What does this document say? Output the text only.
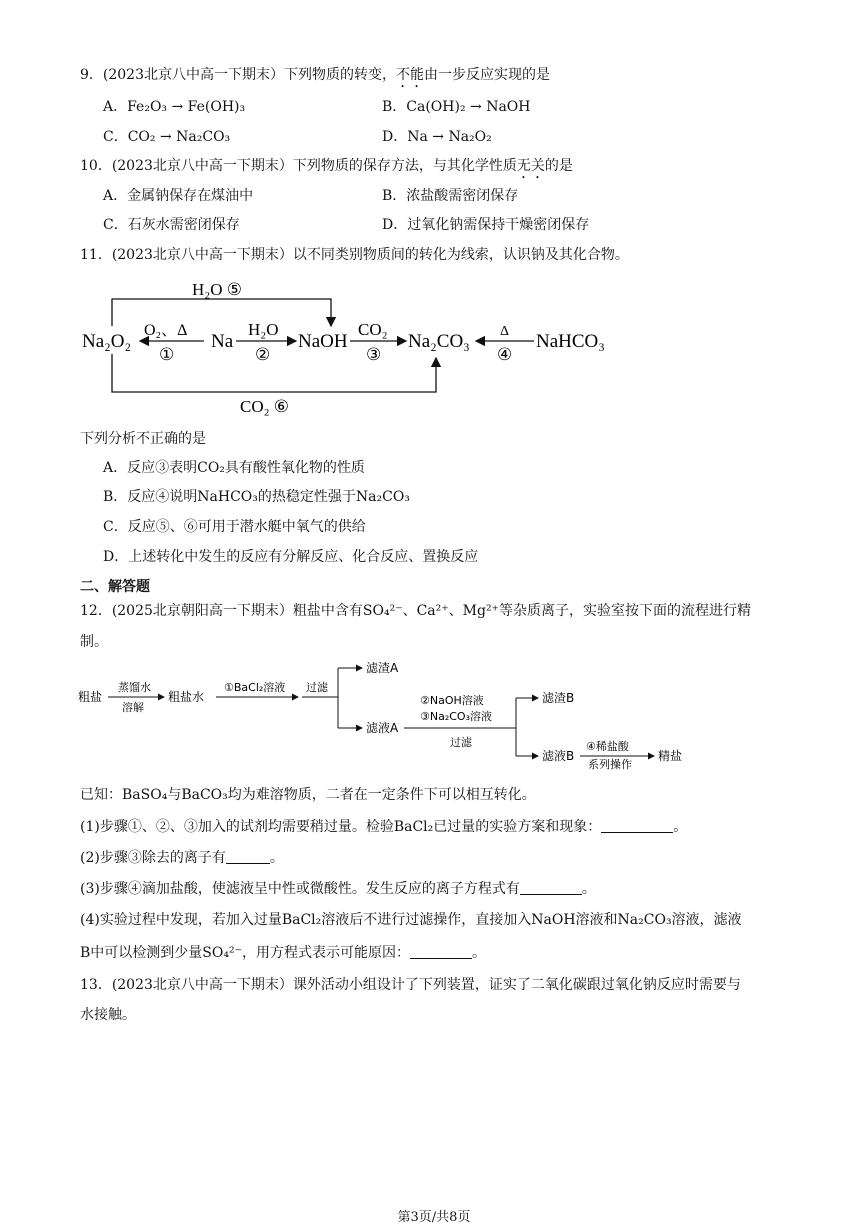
9．(2023北京八中高一下期末）下列物质的转变，不能由一步反应实现的是
A．Fe₂O₃ → Fe(OH)₃	B．Ca(OH)₂ → NaOH
C．CO₂ → Na₂CO₃	D．Na → Na₂O₂
10．(2023北京八中高一下期末）下列物质的保存方法，与其化学性质无关的是
A．金属钠保存在煤油中	B．浓盐酸需密闭保存
C．石灰水需密闭保存	D．过氧化钠需保持干燥密闭保存
11．(2023北京八中高一下期末）以不同类别物质间的转化为线索，认识钠及其化合物。
H₂O ⑤
CO₂ ⑥
Na₂O₂	Na	NaOH	Na₂CO₃	NaHCO₃
O₂、Δ
①
H₂O
②
CO₂
③
Δ
④
下列分析不正确的是
A．反应③表明CO₂具有酸性氧化物的性质
B．反应④说明NaHCO₃的热稳定性强于Na₂CO₃
C．反应⑤、⑥可用于潜水艇中氧气的供给
D．上述转化中发生的反应有分解反应、化合反应、置换反应
二、解答题
12．(2025北京朝阳高一下期末）粗盐中含有SO₄²⁻、Ca²⁺、Mg²⁺等杂质离子，实验室按下面的流程进行精
制。
粗盐
蒸馏水
溶解
粗盐水
①BaCl₂溶液 过滤
滤渣A
滤液A
②NaOH溶液
③Na₂CO₃溶液
过滤
滤渣B
滤液B
④稀盐酸
系列操作
精盐
已知：BaSO₄与BaCO₃均为难溶物质，二者在一定条件下可以相互转化。
(1)步骤①、②、③加入的试剂均需要稍过量。检验BaCl₂已过量的实验方案和现象：	。
(2)步骤③除去的离子有	。
(3)步骤④滴加盐酸，使滤液呈中性或微酸性。发生反应的离子方程式有	。
(4)实验过程中发现，若加入过量BaCl₂溶液后不进行过滤操作，直接加入NaOH溶液和Na₂CO₃溶液，滤液
B中可以检测到少量SO₄²⁻，用方程式表示可能原因：	。
13．(2023北京八中高一下期末）课外活动小组设计了下列装置，证实了二氧化碳跟过氧化钠反应时需要与
水接触。
第3页/共8页
